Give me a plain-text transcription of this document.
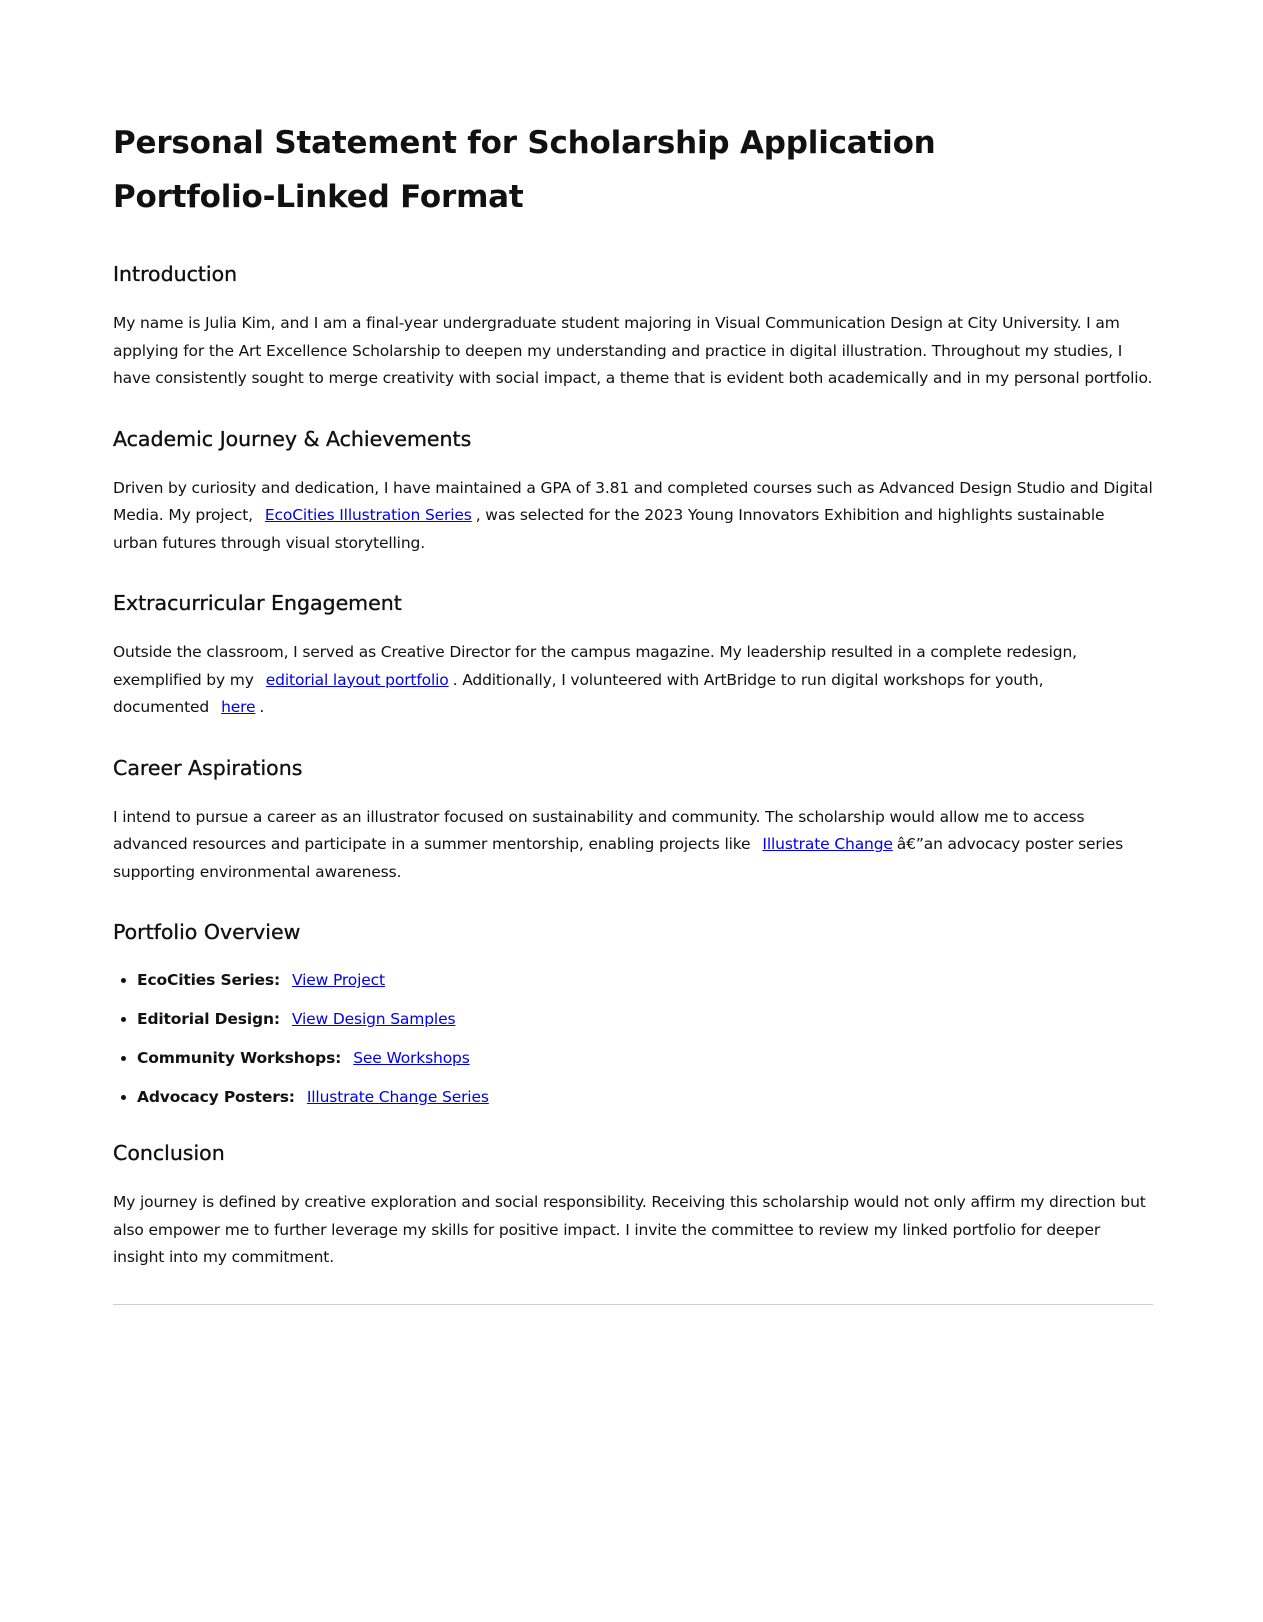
Personal Statement for Scholarship Application
Portfolio-Linked Format
Introduction

My name is Julia Kim, and I am a final-year undergraduate student majoring in Visual Communication Design at City University. I am applying for the Art Excellence Scholarship to deepen my understanding and practice in digital illustration. Throughout my studies, I have consistently sought to merge creativity with social impact, a theme that is evident both academically and in my personal portfolio.

Academic Journey & Achievements

Driven by curiosity and dedication, I have maintained a GPA of 3.81 and completed courses such as Advanced Design Studio and Digital Media. My project, EcoCities Illustration Series , was selected for the 2023 Young Innovators Exhibition and highlights sustainable urban futures through visual storytelling.

Extracurricular Engagement

Outside the classroom, I served as Creative Director for the campus magazine. My leadership resulted in a complete redesign, exemplified by my editorial layout portfolio . Additionally, I volunteered with ArtBridge to run digital workshops for youth, documented here .

Career Aspirations

I intend to pursue a career as an illustrator focused on sustainability and community. The scholarship would allow me to access advanced resources and participate in a summer mentorship, enabling projects like Illustrate Change â€”an advocacy poster series supporting environmental awareness.

Portfolio Overview
• EcoCities Series: View Project
• Editorial Design: View Design Samples
• Community Workshops: See Workshops
• Advocacy Posters: Illustrate Change Series
Conclusion

My journey is defined by creative exploration and social responsibility. Receiving this scholarship would not only affirm my direction but also empower me to further leverage my skills for positive impact. I invite the committee to review my linked portfolio for deeper insight into my commitment.
